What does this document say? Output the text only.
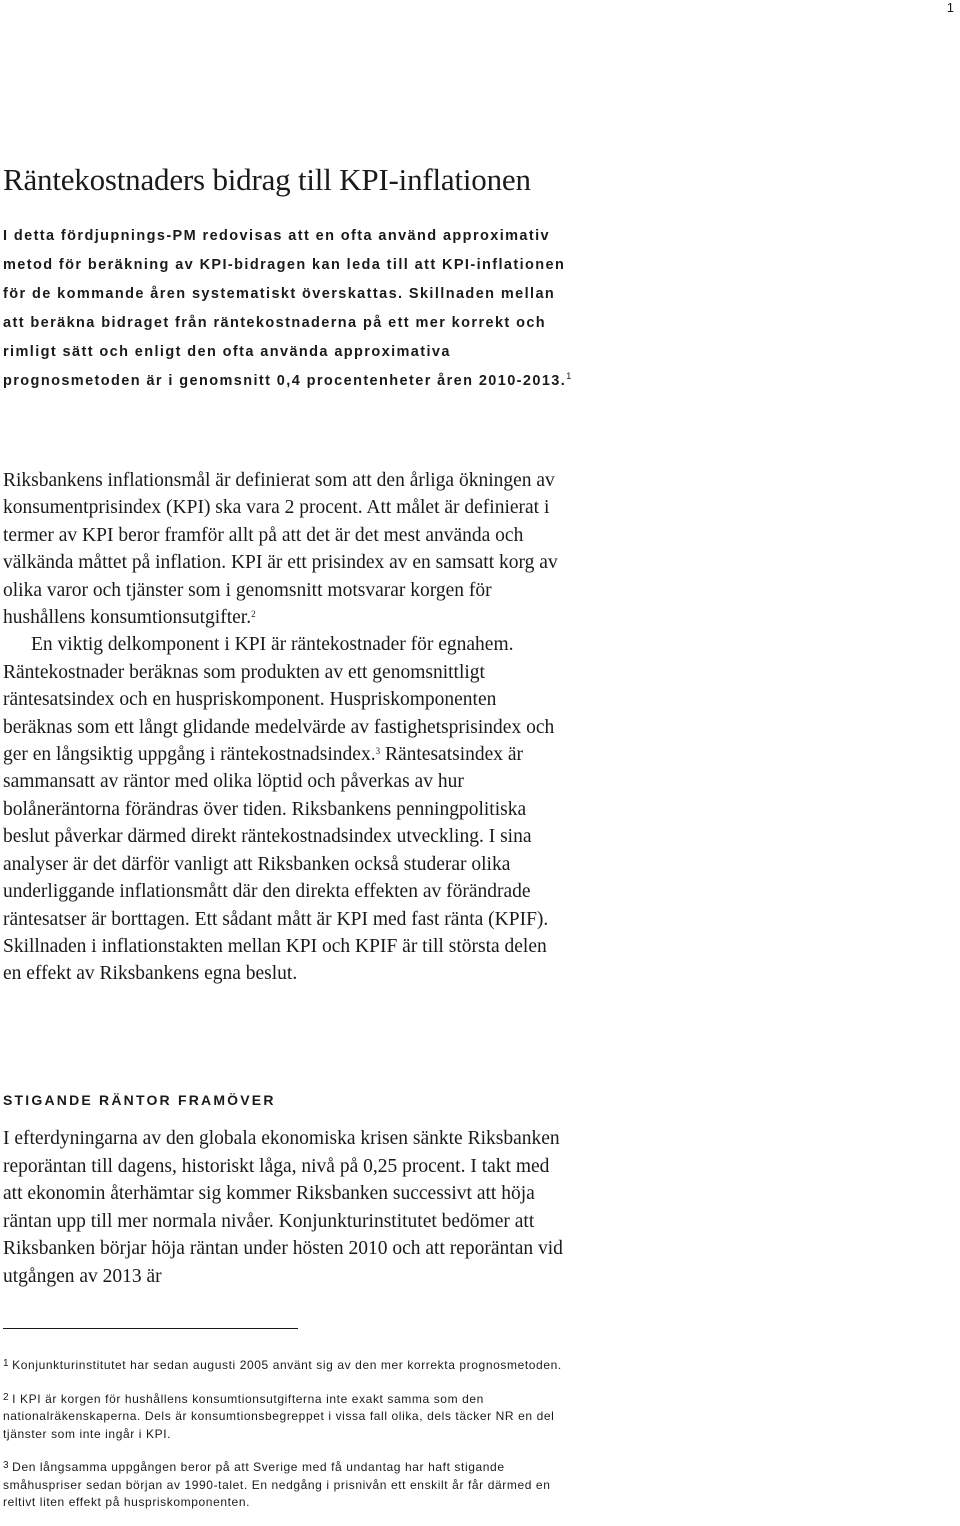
1
Räntekostnaders bidrag till KPI-inflationen
I detta fördjupnings-PM redovisas att en ofta använd approximativ metod för beräkning av KPI-bidragen kan leda till att KPI-inflationen för de kommande åren systematiskt överskattas. Skillnaden mellan att beräkna bidraget från räntekostnaderna på ett mer korrekt och rimligt sätt och enligt den ofta använda approximativa prognosmetoden är i genomsnitt 0,4 procentenheter åren 2010-2013.$^1$

Riksbankens inflationsmål är definierat som att den årliga ökningen av konsumentprisindex (KPI) ska vara 2 procent. Att målet är definierat i termer av KPI beror framför allt på att det är det mest använda och välkända måttet på inflation. KPI är ett prisindex av en samsatt korg av olika varor och tjänster som i genomsnitt motsvarar korgen för hushållens konsumtionsutgifter.$^2$

En viktig delkomponent i KPI är räntekostnader för egnahem. Räntekostnader beräknas som produkten av ett genomsnittligt räntesatsindex och en huspriskomponent. Huspriskomponenten beräknas som ett långt glidande medelvärde av fastighetsprisindex och ger en långsiktig uppgång i räntekostnadsindex.$^3$ Räntesatsindex är sammansatt av räntor med olika löptid och påverkas av hur bolåneräntorna förändras över tiden. Riksbankens penningpolitiska beslut påverkar därmed direkt räntekostnadsindex utveckling. I sina analyser är det därför vanligt att Riksbanken också studerar olika underliggande inflationsmått där den direkta effekten av förändrade räntesatser är borttagen. Ett sådant mått är KPI med fast ränta (KPIF). Skillnaden i inflationstakten mellan KPI och KPIF är till största delen en effekt av Riksbankens egna beslut.

STIGANDE RÄNTOR FRAMÖVER

I efterdyningarna av den globala ekonomiska krisen sänkte Riksbanken reporäntan till dagens, historiskt låga, nivå på 0,25 procent. I takt med att ekonomin återhämtar sig kommer Riksbanken successivt att höja räntan upp till mer normala nivåer. Konjunkturinstitutet bedömer att Riksbanken börjar höja räntan under hösten 2010 och att reporäntan vid utgången av 2013 är

$^1$ Konjunkturinstitutet har sedan augusti 2005 använt sig av den mer korrekta prognosmetoden.

$^2$ I KPI är korgen för hushållens konsumtionsutgifterna inte exakt samma som den nationalräkenskaperna. Dels är konsumtionsbegreppet i vissa fall olika, dels täcker NR en del tjänster som inte ingår i KPI.

$^3$ Den långsamma uppgången beror på att Sverige med få undantag har haft stigande småhuspriser sedan början av 1990-talet. En nedgång i prisnivån ett enskilt år får därmed en reltivt liten effekt på huspriskomponenten.
